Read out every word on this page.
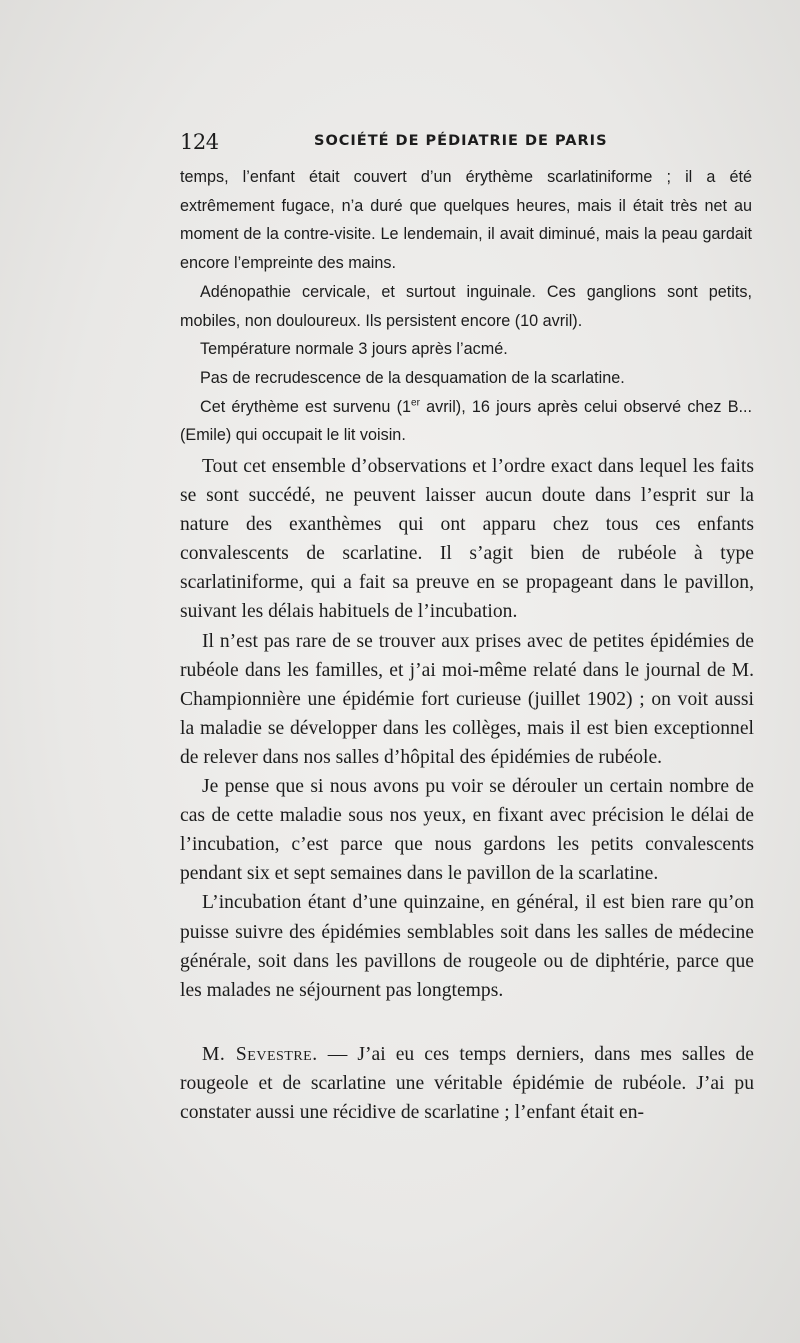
124	SOCIÉTÉ DE PÉDIATRIE DE PARIS

temps, l’enfant était couvert d’un érythème scarlatiniforme ; il a été extrêmement fugace, n’a duré que quelques heures, mais il était très net au moment de la contre-visite. Le lendemain, il avait diminué, mais la peau gardait encore l’empreinte des mains.

Adénopathie cervicale, et surtout inguinale. Ces ganglions sont petits, mobiles, non douloureux. Ils persistent encore (10 avril).

Température normale 3 jours après l’acmé.

Pas de recrudescence de la desquamation de la scarlatine.

Cet érythème est survenu (1er avril), 16 jours après celui observé chez B... (Emile) qui occupait le lit voisin.

Tout cet ensemble d’observations et l’ordre exact dans lequel les faits se sont succédé, ne peuvent laisser aucun doute dans l’esprit sur la nature des exanthèmes qui ont apparu chez tous ces enfants convalescents de scarlatine. Il s’agit bien de rubéole à type scarlatiniforme, qui a fait sa preuve en se propageant dans le pavillon, suivant les délais habituels de l’incubation.

Il n’est pas rare de se trouver aux prises avec de petites épidémies de rubéole dans les familles, et j’ai moi-même relaté dans le journal de M. Championnière une épidémie fort curieuse (juillet 1902) ; on voit aussi la maladie se développer dans les collèges, mais il est bien exceptionnel de relever dans nos salles d’hôpital des épidémies de rubéole.

Je pense que si nous avons pu voir se dérouler un certain nombre de cas de cette maladie sous nos yeux, en fixant avec précision le délai de l’incubation, c’est parce que nous gardons les petits convalescents pendant six et sept semaines dans le pavillon de la scarlatine.

L’incubation étant d’une quinzaine, en général, il est bien rare qu’on puisse suivre des épidémies semblables soit dans les salles de médecine générale, soit dans les pavillons de rougeole ou de diphtérie, parce que les malades ne séjournent pas longtemps.

M. Sevestre. — J’ai eu ces temps derniers, dans mes salles de rougeole et de scarlatine une véritable épidémie de rubéole. J’ai pu constater aussi une récidive de scarlatine ; l’enfant était en-
